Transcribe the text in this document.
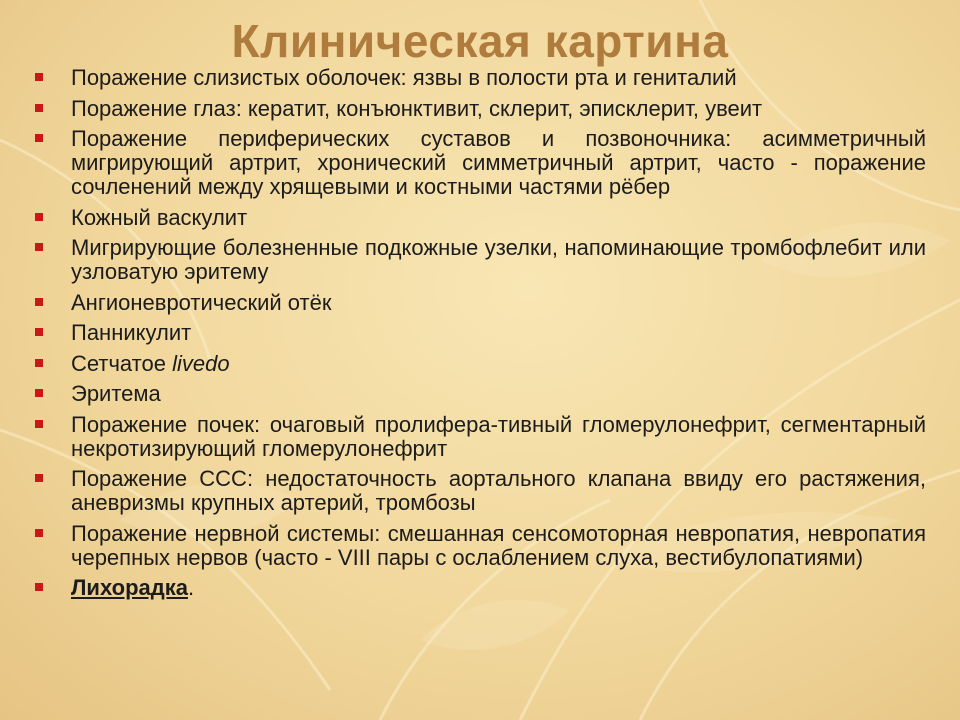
Клиническая картина
Поражение слизистых оболочек: язвы в полости рта и гениталий
Поражение глаз: кератит, конъюнктивит, склерит, эписклерит, увеит
Поражение периферических суставов и позвоночника: асимметричный мигрирующий артрит, хронический симметричный артрит, часто - поражение сочленений между хрящевыми и костными частями рёбер
Кожный васкулит
Мигрирующие болезненные подкожные узелки, напоминающие тромбофлебит или узловатую эритему
Ангионевротический отёк
Панникулит
Сетчатое livedo
Эритема
Поражение почек: очаговый пролифера-тивный гломерулонефрит, сегментарный некротизирующий гломерулонефрит
Поражение ССС: недостаточность аортального клапана ввиду его растяжения, аневризмы крупных артерий, тромбозы
Поражение нервной системы: смешанная сенсомоторная невропатия, невропатия черепных нервов (часто - VIII пары с ослаблением слуха, вестибулопатиями)
Лихорадка.
